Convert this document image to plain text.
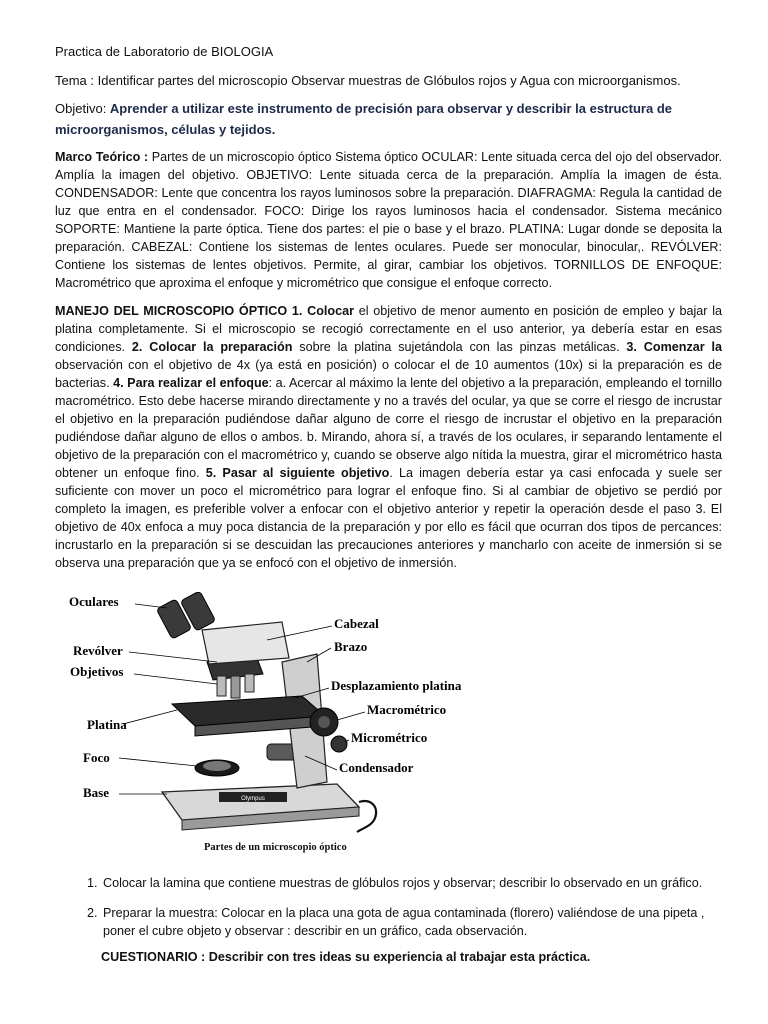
Practica de Laboratorio de BIOLOGIA

Tema : Identificar partes del microscopio Observar muestras de Glóbulos rojos y Agua con microorganismos.

Objetivo: Aprender a utilizar este instrumento de precisión para observar y describir la estructura de microorganismos, células y tejidos.

Marco Teórico : Partes de un microscopio óptico Sistema óptico OCULAR: Lente situada cerca del ojo del observador. Amplía la imagen del objetivo. OBJETIVO: Lente situada cerca de la preparación. Amplía la imagen de ésta. CONDENSADOR: Lente que concentra los rayos luminosos sobre la preparación. DIAFRAGMA: Regula la cantidad de luz que entra en el condensador. FOCO: Dirige los rayos luminosos hacia el condensador. Sistema mecánico SOPORTE: Mantiene la parte óptica. Tiene dos partes: el pie o base y el brazo. PLATINA: Lugar donde se deposita la preparación. CABEZAL: Contiene los sistemas de lentes oculares. Puede ser monocular, binocular,. REVÓLVER: Contiene los sistemas de lentes objetivos. Permite, al girar, cambiar los objetivos. TORNILLOS DE ENFOQUE: Macrométrico que aproxima el enfoque y micrométrico que consigue el enfoque correcto.

MANEJO DEL MICROSCOPIO ÓPTICO 1. Colocar el objetivo de menor aumento en posición de empleo y bajar la platina completamente. Si el microscopio se recogió correctamente en el uso anterior, ya debería estar en esas condiciones. 2. Colocar la preparación sobre la platina sujetándola con las pinzas metálicas. 3. Comenzar la observación con el objetivo de 4x (ya está en posición) o colocar el de 10 aumentos (10x) si la preparación es de bacterias. 4. Para realizar el enfoque: a. Acercar al máximo la lente del objetivo a la preparación, empleando el tornillo macrométrico. Esto debe hacerse mirando directamente y no a través del ocular, ya que se corre el riesgo de incrustar el objetivo en la preparación pudiéndose dañar alguno de corre el riesgo de incrustar el objetivo en la preparación pudiéndose dañar alguno de ellos o ambos. b. Mirando, ahora sí, a través de los oculares, ir separando lentamente el objetivo de la preparación con el macrométrico y, cuando se observe algo nítida la muestra, girar el micrométrico hasta obtener un enfoque fino. 5. Pasar al siguiente objetivo. La imagen debería estar ya casi enfocada y suele ser suficiente con mover un poco el micrométrico para lograr el enfoque fino. Si al cambiar de objetivo se perdió por completo la imagen, es preferible volver a enfocar con el objetivo anterior y repetir la operación desde el paso 3. El objetivo de 40x enfoca a muy poca distancia de la preparación y por ello es fácil que ocurran dos tipos de percances: incrustarlo en la preparación si se descuidan las precauciones anteriores y mancharlo con aceite de inmersión si se observa una preparación que ya se enfocó con el objetivo de inmersión.

Olympus
Oculares
Revólver
Objetivos
Platina
Foco
Base
Cabezal
Brazo
Desplazamiento platina
Macrométrico
Micrométrico
Condensador
Partes de un microscopio óptico
1. Colocar la lamina que contiene muestras de glóbulos rojos y observar; describir lo observado en un gráfico.
2. Preparar la muestra: Colocar en la placa una gota de agua contaminada (florero) valiéndose de una pipeta , poner el cubre objeto y observar : describir en un gráfico, cada observación.

CUESTIONARIO : Describir con tres ideas su experiencia al trabajar esta práctica.
